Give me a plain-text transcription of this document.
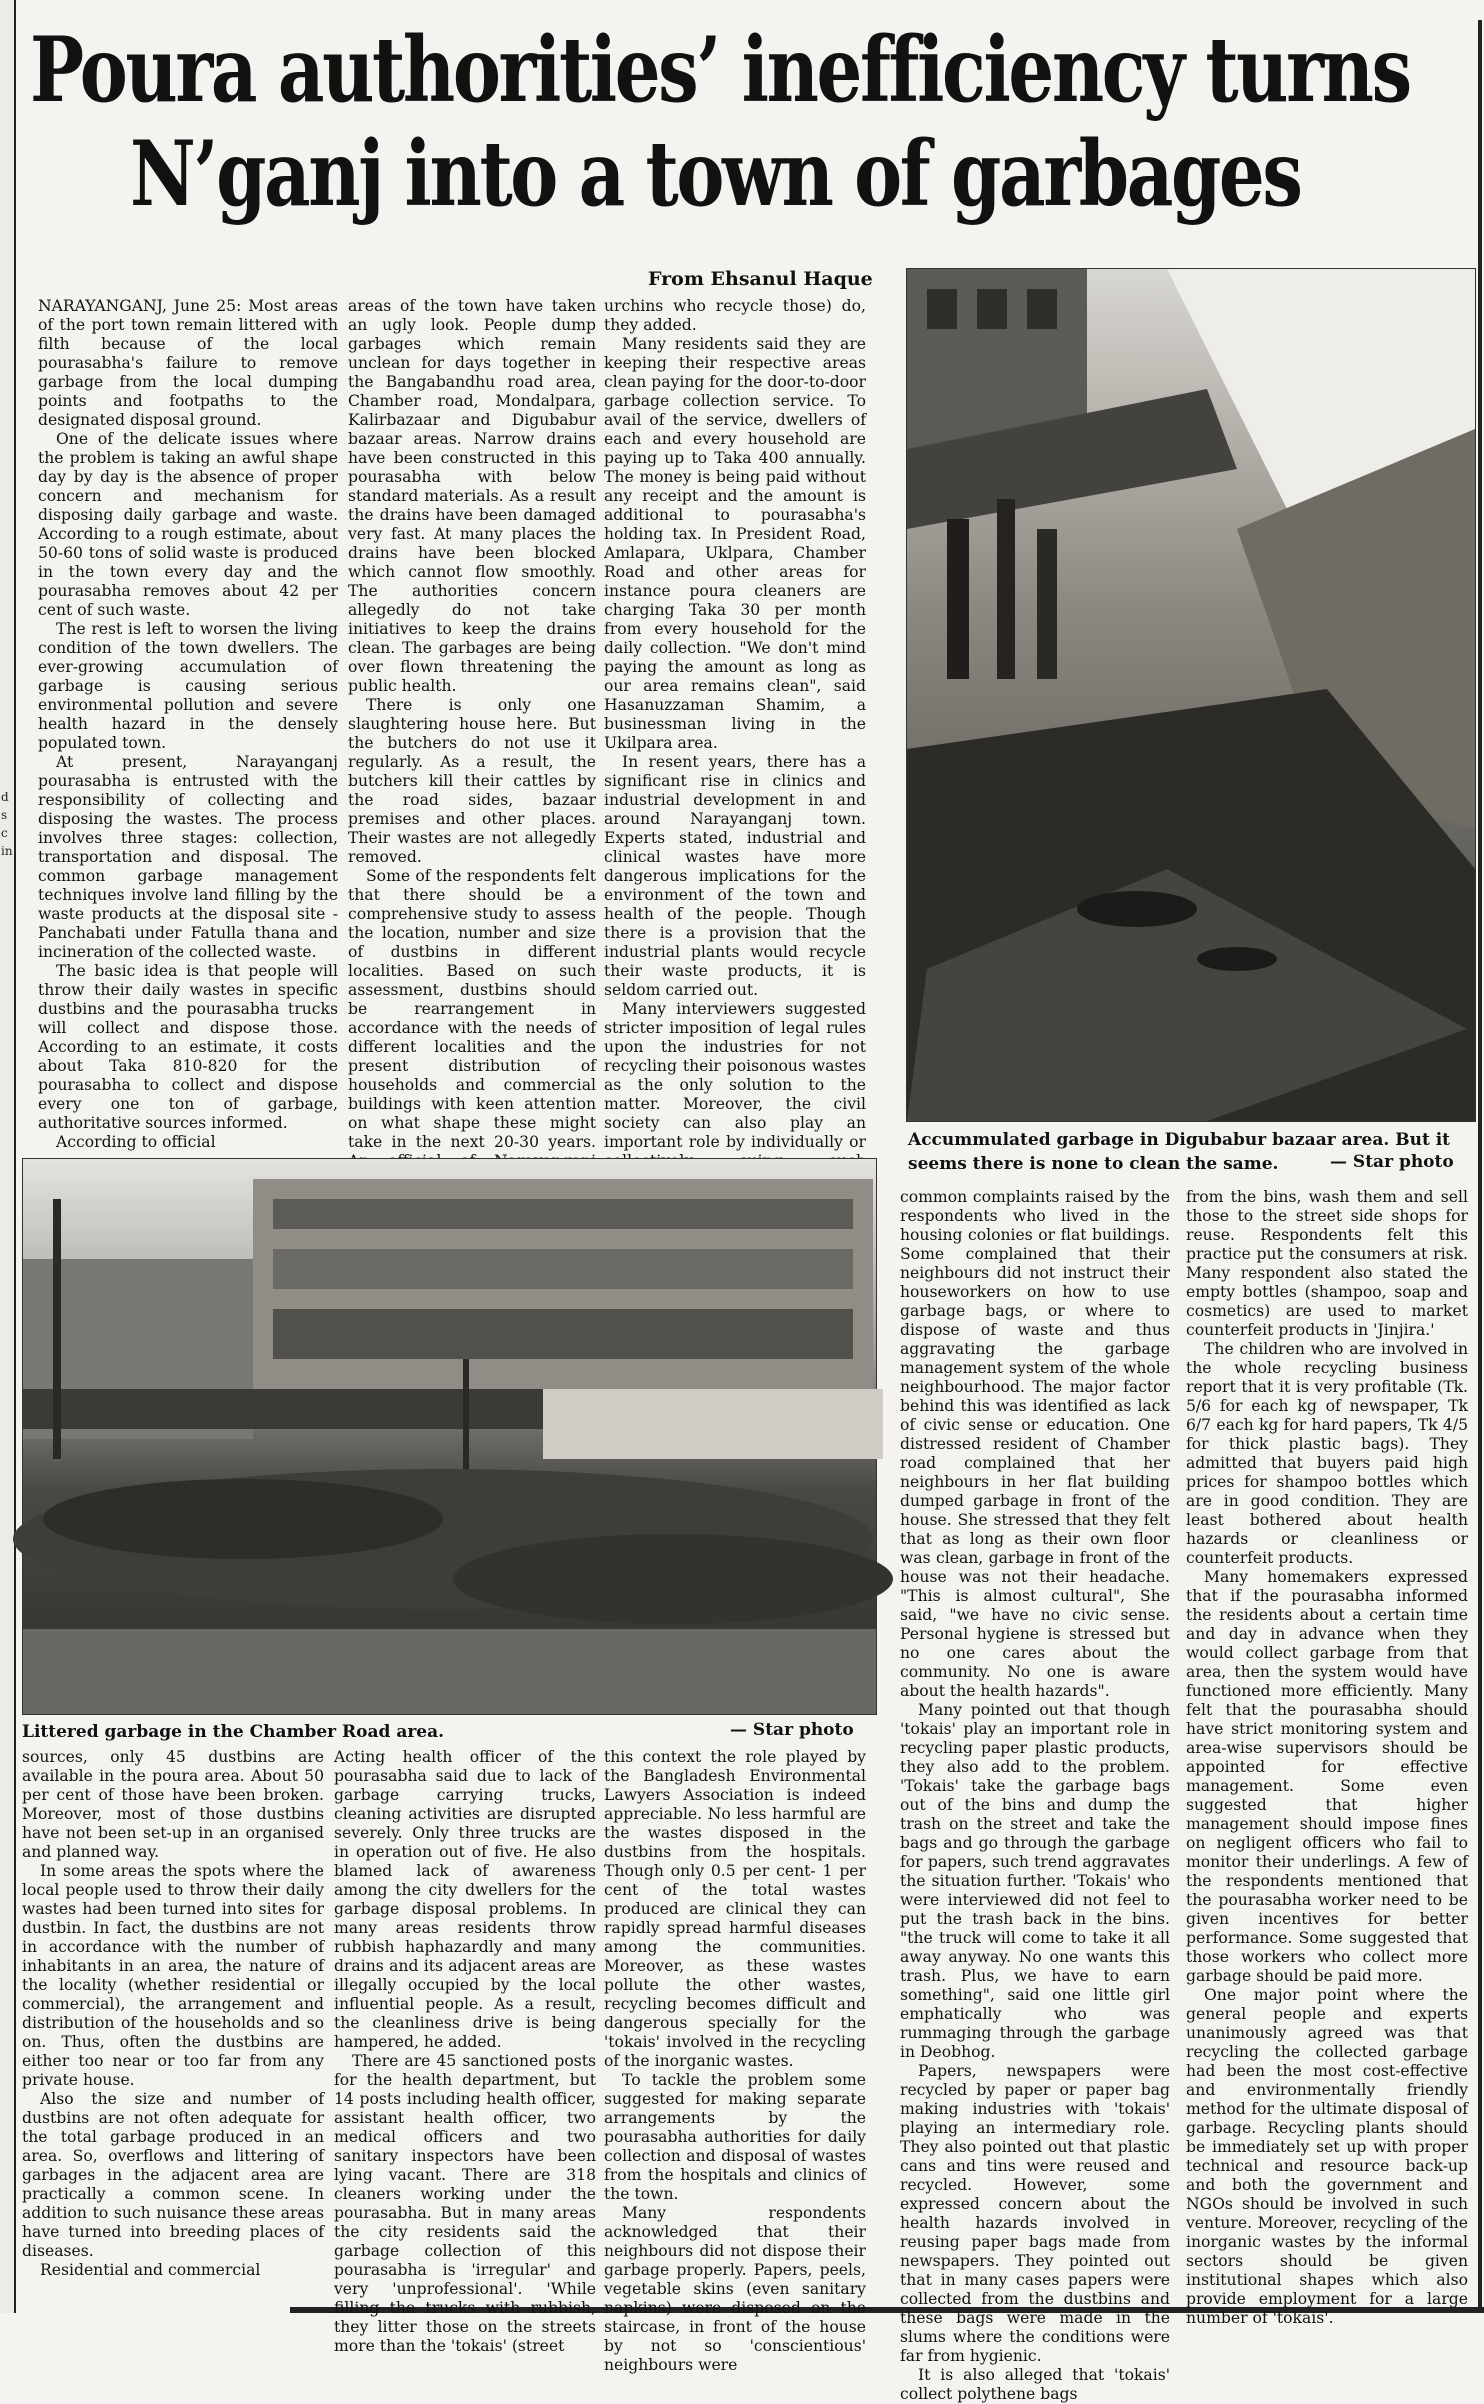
d
s
c
in
Poura authorities’ inefficiency turns
N’ganj into a town of garbages
From Ehsanul Haque

NARAYANGANJ, June 25: Most areas of the port town remain littered with filth because of the local pourasabha's failure to remove garbage from the local dumping points and footpaths to the designated disposal ground.

One of the delicate issues where the problem is taking an awful shape day by day is the absence of proper concern and mechanism for disposing daily garbage and waste. According to a rough estimate, about 50-60 tons of solid waste is produced in the town every day and the pourasabha removes about 42 per cent of such waste.

The rest is left to worsen the living condition of the town dwellers. The ever-growing accumulation of garbage is causing serious environmental pollution and severe health hazard in the densely populated town.

At present, Narayanganj pourasabha is entrusted with the responsibility of collecting and disposing the wastes. The process involves three stages: collection, transportation and disposal. The common garbage management techniques involve land filling by the waste products at the disposal site - Panchabati under Fatulla thana and incineration of the collected waste.

The basic idea is that people will throw their daily wastes in specific dustbins and the pourasabha trucks will collect and dispose those. According to an estimate, it costs about Taka 810-820 for the pourasabha to collect and dispose every one ton of garbage, authoritative sources informed.

According to official

areas of the town have taken an ugly look. People dump garbages which remain unclean for days together in the Bangabandhu road area, Chamber road, Mondalpara, Kalirbazaar and Digubabur bazaar areas. Narrow drains have been constructed in this pourasabha with below standard materials. As a result the drains have been damaged very fast. At many places the drains have been blocked which cannot flow smoothly. The authorities concern allegedly do not take initiatives to keep the drains clean. The garbages are being over flown threatening the public health.

There is only one slaughtering house here. But the butchers do not use it regularly. As a result, the butchers kill their cattles by the road sides, bazaar premises and other places. Their wastes are not allegedly removed.

Some of the respondents felt that there should be a comprehensive study to assess the location, number and size of dustbins in different localities. Based on such assessment, dustbins should be rearrangement in accordance with the needs of different localities and the present distribution of households and commercial buildings with keen attention on what shape these might take in the next 20-30 years.

urchins who recycle those) do, they added.

Many residents said they are keeping their respective areas clean paying for the door-to-door garbage collection service. To avail of the service, dwellers of each and every household are paying up to Taka 400 annually. The money is being paid without any receipt and the amount is additional to pourasabha's holding tax. In President Road, Amlapara, Uklpara, Chamber Road and other areas for instance poura cleaners are charging Taka 30 per month from every household for the daily collection. "We don't mind paying the amount as long as our area remains clean", said Hasanuzzaman Shamim, a businessman living in the Ukilpara area.

In resent years, there has a significant rise in clinics and industrial development in and around Narayanganj town. Experts stated, industrial and clinical wastes have more dangerous implications for the environment of the town and health of the people. Though there is a provision that the industrial plants would recycle their waste products, it is seldom carried out.

Many interviewers suggested stricter imposition of legal rules upon the industries for not recycling their poisonous wastes as the only solution to the matter. Moreover, the civil society can also play an important role by individually or Accummulated garbage in Digubabur bazaar area. But it seems there is none to clean the same.	— Star photo

Littered garbage in the Chamber Road area.	— Star photo

sources, only 45 dustbins are available in the poura area. About 50 per cent of those have been broken. Moreover, most of those dustbins have not been set-up in an organised and planned way.

In some areas the spots where the local people used to throw their daily wastes had been turned into sites for dustbin. In fact, the dustbins are not in accordance with the number of inhabitants in an area, the nature of the locality (whether residential or commercial), the arrangement and distribution of the households and so on. Thus, often the dustbins are either too near or too far from any private house.

Also the size and number of dustbins are not often adequate for the total garbage produced in an area. So, overflows and littering of garbages in the adjacent area are practically a common scene. In addition to such nuisance these areas have turned into breeding places of diseases.

Residential and commercial

Acting health officer of the pourasabha said due to lack of garbage carrying trucks, cleaning activities are disrupted severely. Only three trucks are in operation out of five. He also blamed lack of awareness among the city dwellers for the garbage disposal problems. In many areas residents throw rubbish haphazardly and many drains and its adjacent areas are illegally occupied by the local influential people. As a result, the cleanliness drive is being hampered, he added.

There are 45 sanctioned posts for the health department, but 14 posts including health officer, assistant health officer, two medical officers and two sanitary inspectors have been lying vacant. There are 318 cleaners working under the pourasabha. But in many areas the city residents said the garbage collection of this pourasabha is 'irregular' and very 'unprofessional'. 'While filling the trucks with rubbish, they litter those on the streets more than the 'tokais' (street

this context the role played by the Bangladesh Environmental Lawyers Association is indeed appreciable. No less harmful are the wastes disposed in the dustbins from the hospitals. Though only 0.5 per cent- 1 per cent of the total wastes produced are clinical they can rapidly spread harmful diseases among the communities. Moreover, as these wastes pollute the other wastes, recycling becomes difficult and dangerous specially for the 'tokais' involved in the recycling of the inorganic wastes.

To tackle the problem some suggested for making separate arrangements by the pourasabha authorities for daily collection and disposal of wastes from the hospitals and clinics of the town.

Many respondents acknowledged that their neighbours did not dispose their garbage properly. Papers, peels, vegetable skins (even sanitary napkins) were disposed on the staircase, in front of the house by not so 'conscientious' neighbours were

common complaints raised by the respondents who lived in the housing colonies or flat buildings. Some complained that their neighbours did not instruct their houseworkers on how to use garbage bags, or where to dispose of waste and thus aggravating the garbage management system of the whole neighbourhood. The major factor behind this was identified as lack of civic sense or education. One distressed resident of Chamber road complained that her neighbours in her flat building dumped garbage in front of the house. She stressed that they felt that as long as their own floor was clean, garbage in front of the house was not their headache. "This is almost cultural", She said, "we have no civic sense. Personal hygiene is stressed but no one cares about the community. No one is aware about the health hazards".

Many pointed out that though 'tokais' play an important role in recycling paper plastic products, they also add to the problem. 'Tokais' take the garbage bags out of the bins and dump the trash on the street and take the bags and go through the garbage for papers, such trend aggravates the situation further. 'Tokais' who were interviewed did not feel to put the trash back in the bins. "the truck will come to take it all away anyway. No one wants this trash. Plus, we have to earn something", said one little girl emphatically who was rummaging through the garbage in Deobhog.

Papers, newspapers were recycled by paper or paper bag making industries with 'tokais' playing an intermediary role. They also pointed out that plastic cans and tins were reused and recycled. However, some expressed concern about the health hazards involved in reusing paper bags made from newspapers. They pointed out that in many cases papers were collected from the dustbins and these bags were made in the slums where the conditions were far from hygienic.

It is also alleged that 'tokais' collect polythene bags

from the bins, wash them and sell those to the street side shops for reuse. Respondents felt this practice put the consumers at risk. Many respondent also stated the empty bottles (shampoo, soap and cosmetics) are used to market counterfeit products in 'Jinjira.'

The children who are involved in the whole recycling business report that it is very profitable (Tk. 5/6 for each kg of newspaper, Tk 6/7 each kg for hard papers, Tk 4/5 for thick plastic bags). They admitted that buyers paid high prices for shampoo bottles which are in good condition. They are least bothered about health hazards or cleanliness or counterfeit products.

Many homemakers expressed that if the pourasabha informed the residents about a certain time and day in advance when they would collect garbage from that area, then the system would have functioned more efficiently. Many felt that the pourasabha should have strict monitoring system and area-wise supervisors should be appointed for effective management. Some even suggested that higher management should impose fines on negligent officers who fail to monitor their underlings. A few of the respondents mentioned that the pourasabha worker need to be given incentives for better performance. Some suggested that those workers who collect more garbage should be paid more.

One major point where the general people and experts unanimously agreed was that recycling the collected garbage had been the most cost-effective and environmentally friendly method for the ultimate disposal of garbage. Recycling plants should be immediately set up with proper technical and resource back-up and both the government and NGOs should be involved in such venture. Moreover, recycling of the inorganic wastes by the informal sectors should be given institutional shapes which also provide employment for a large number of 'tokais'.
